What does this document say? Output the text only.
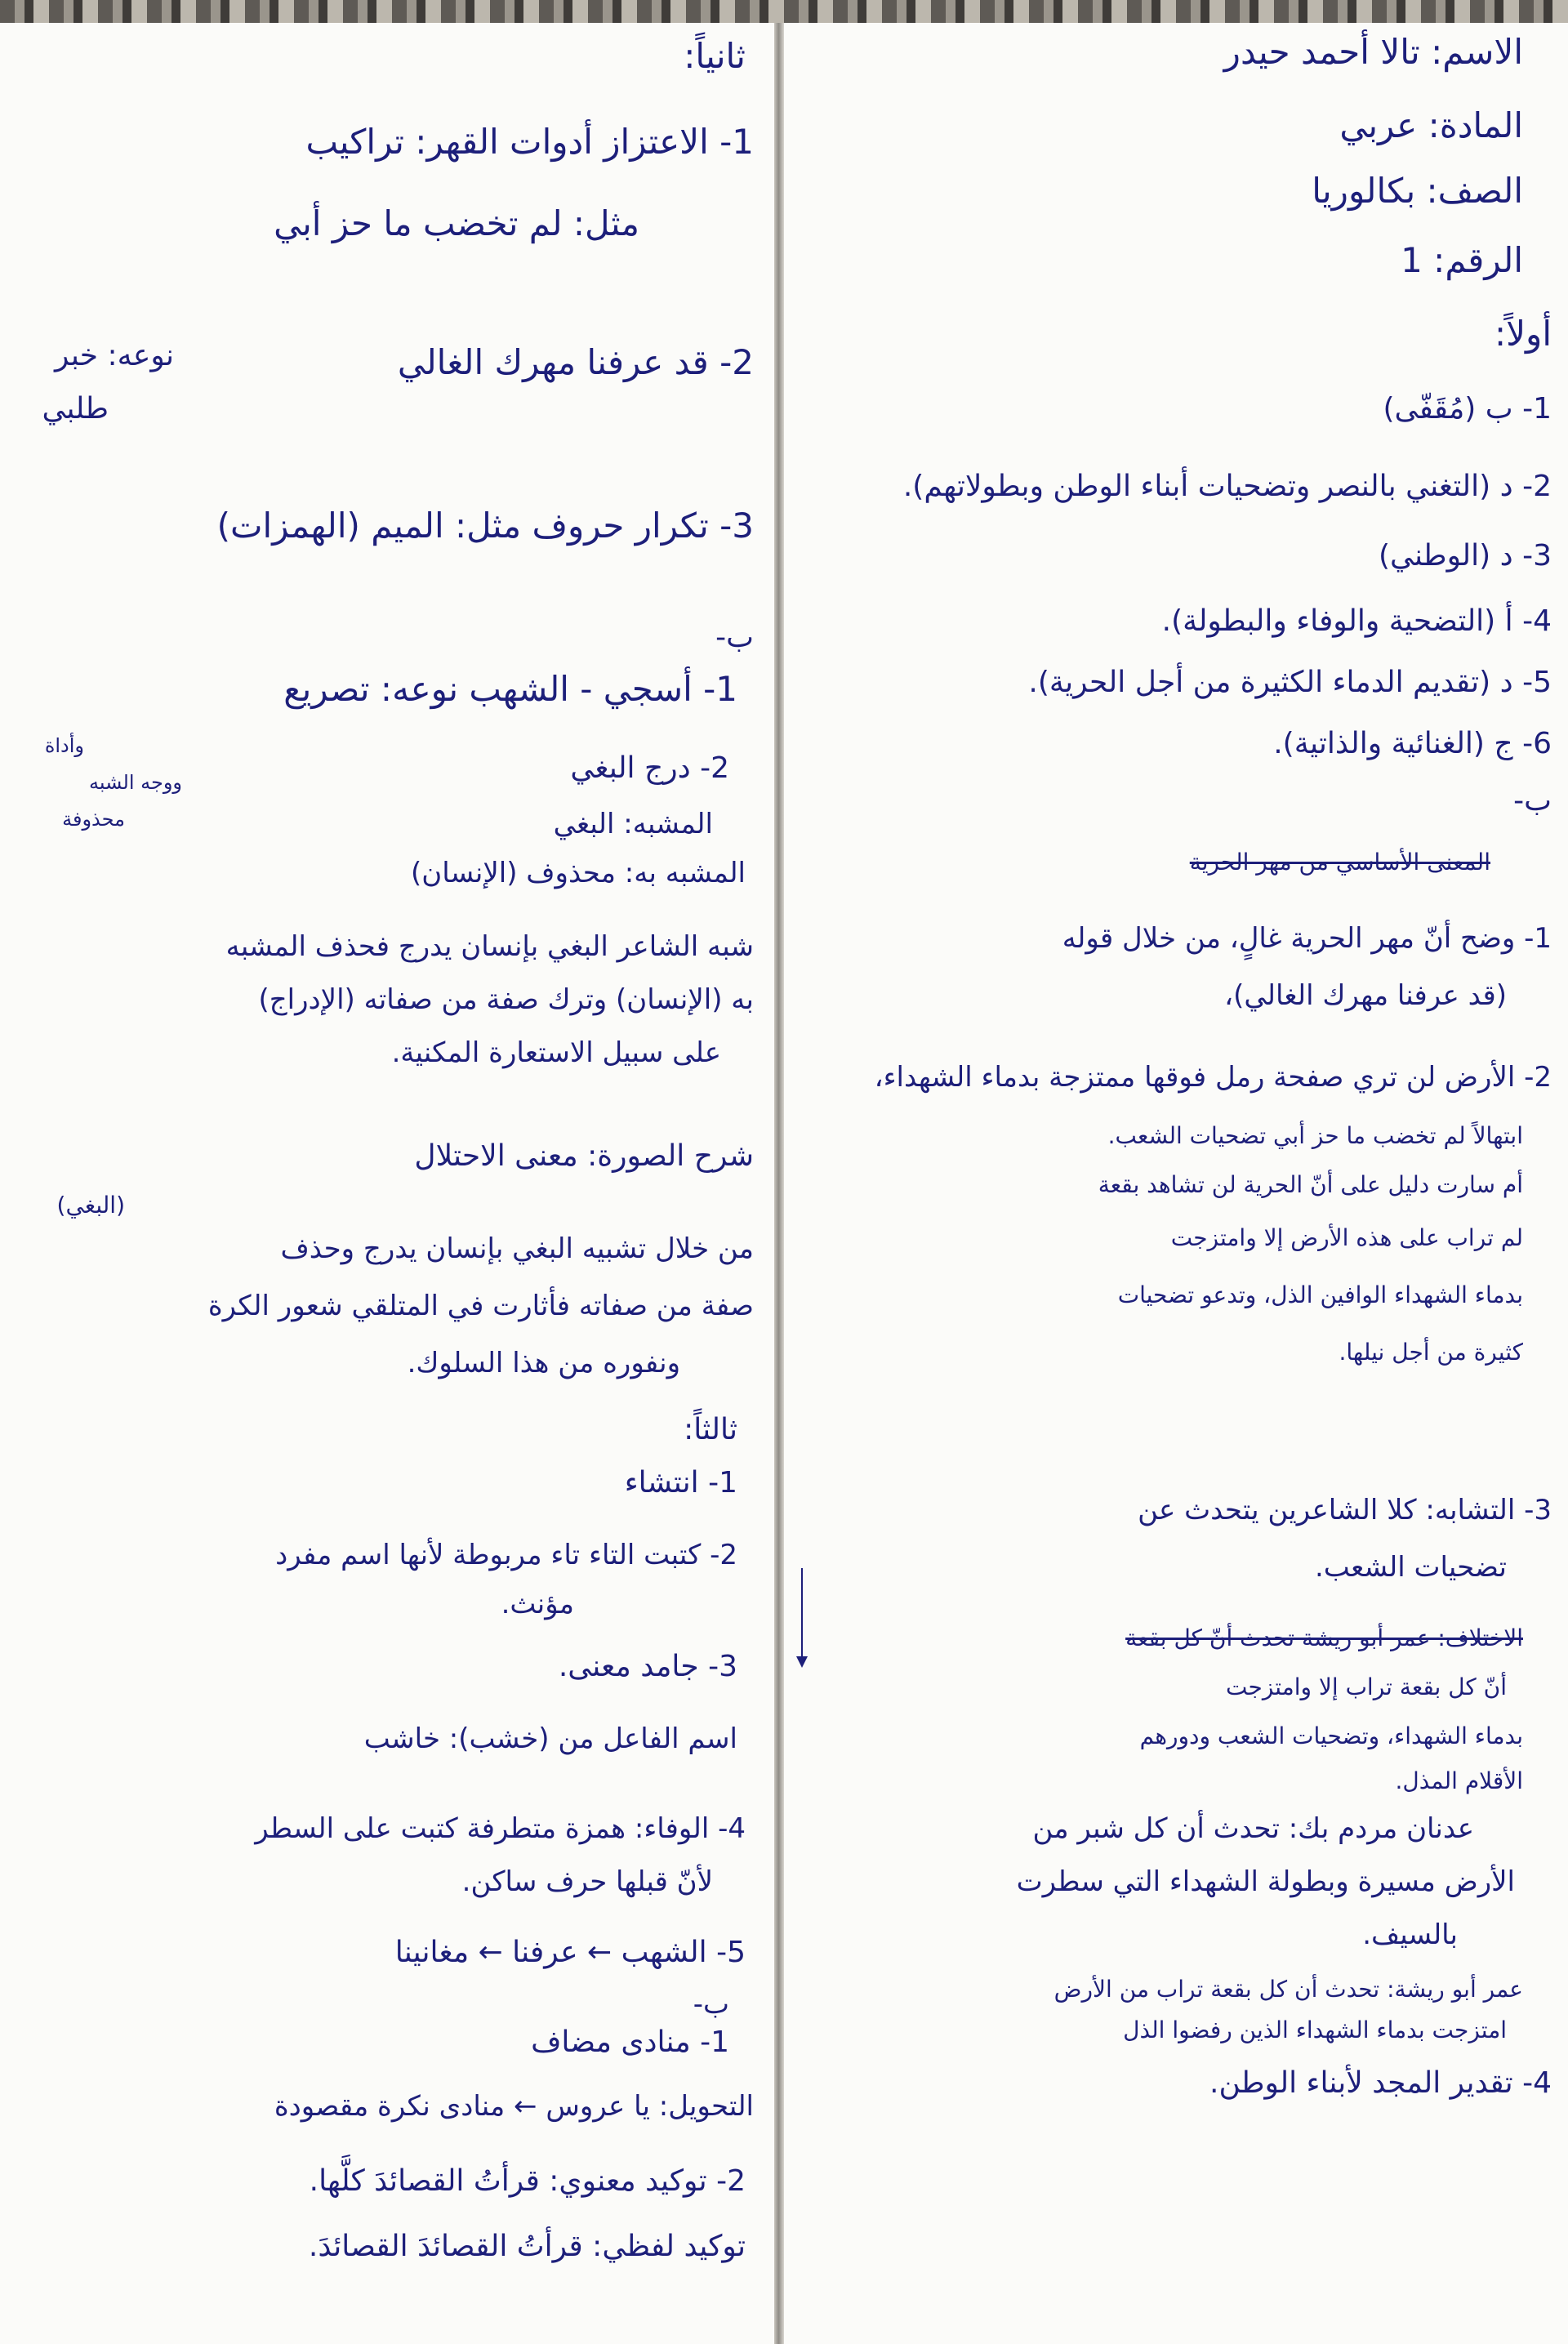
الاسم: تالا أحمد حيدر
المادة: عربي
الصف: بكالوريا
الرقم: 1
أولاً:
1- ب (مُقَفّى)
2- د (التغني بالنصر وتضحيات أبناء الوطن وبطولاتهم).
3- د (الوطني)
4- أ (التضحية والوفاء والبطولة).
5- د (تقديم الدماء الكثيرة من أجل الحرية).
6- ج (الغنائية والذاتية).
ب-
المعنى الأساسي من مهر الحرية
1- وضح أنّ مهر الحرية غالٍ، من خلال قوله
(قد عرفنا مهرك الغالي)،
2- الأرض لن تري صفحة رمل فوقها ممتزجة بدماء الشهداء،
ابتهالاً لم تخضب ما حز أبي تضحيات الشعب.
أم سارت دليل على أنّ الحرية لن تشاهد بقعة
لم تراب على هذه الأرض إلا وامتزجت
بدماء الشهداء الوافين الذل، وتدعو تضحيات
كثيرة من أجل نيلها.
3- التشابه: كلا الشاعرين يتحدث عن
تضحيات الشعب.
الاختلاف: عمر أبو ريشة تحدث أنّ كل بقعة
أنّ كل بقعة تراب إلا وامتزجت
بدماء الشهداء، وتضحيات الشعب ودورهم
الأقلام المذل.
عدنان مردم بك: تحدث أن كل شبر من
الأرض مسيرة وبطولة الشهداء التي سطرت
بالسيف.
عمر أبو ريشة: تحدث أن كل بقعة تراب من الأرض
امتزجت بدماء الشهداء الذين رفضوا الذل
4- تقدير المجد لأبناء الوطن.
ثانياً:
1- الاعتزاز أدوات القهر: تراكيب
مثل: لم تخضب ما حز أبي
2- قد عرفنا مهرك الغالي
نوعه: خبر
طلبي
3- تكرار حروف مثل: الميم (الهمزات)
ب-
1- أسجي - الشهب نوعه: تصريع
وأداة
ووجه الشبه
محذوفة
2- درج البغي
المشبه: البغي
المشبه به: محذوف (الإنسان)
شبه الشاعر البغي بإنسان يدرج فحذف المشبه
به (الإنسان) وترك صفة من صفاته (الإدراج)
على سبيل الاستعارة المكنية.
شرح الصورة: معنى الاحتلال
(البغي)
من خلال تشبيه البغي بإنسان يدرج وحذف
صفة من صفاته فأثارت في المتلقي شعور الكرة
ونفوره من هذا السلوك.
ثالثاً:
1- انتشاء
2- كتبت التاء تاء مربوطة لأنها اسم مفرد
مؤنث.
3- جامد معنى.
اسم الفاعل من (خشب): خاشب
4- الوفاء: همزة متطرفة كتبت على السطر
لأنّ قبلها حرف ساكن.
5- الشهب ← عرفنا ← مغانينا
ب-
1- منادى مضاف
التحويل: يا عروس ← منادى نكرة مقصودة
2- توكيد معنوي: قرأتُ القصائدَ كلَّها.
توكيد لفظي: قرأتُ القصائدَ القصائدَ.
